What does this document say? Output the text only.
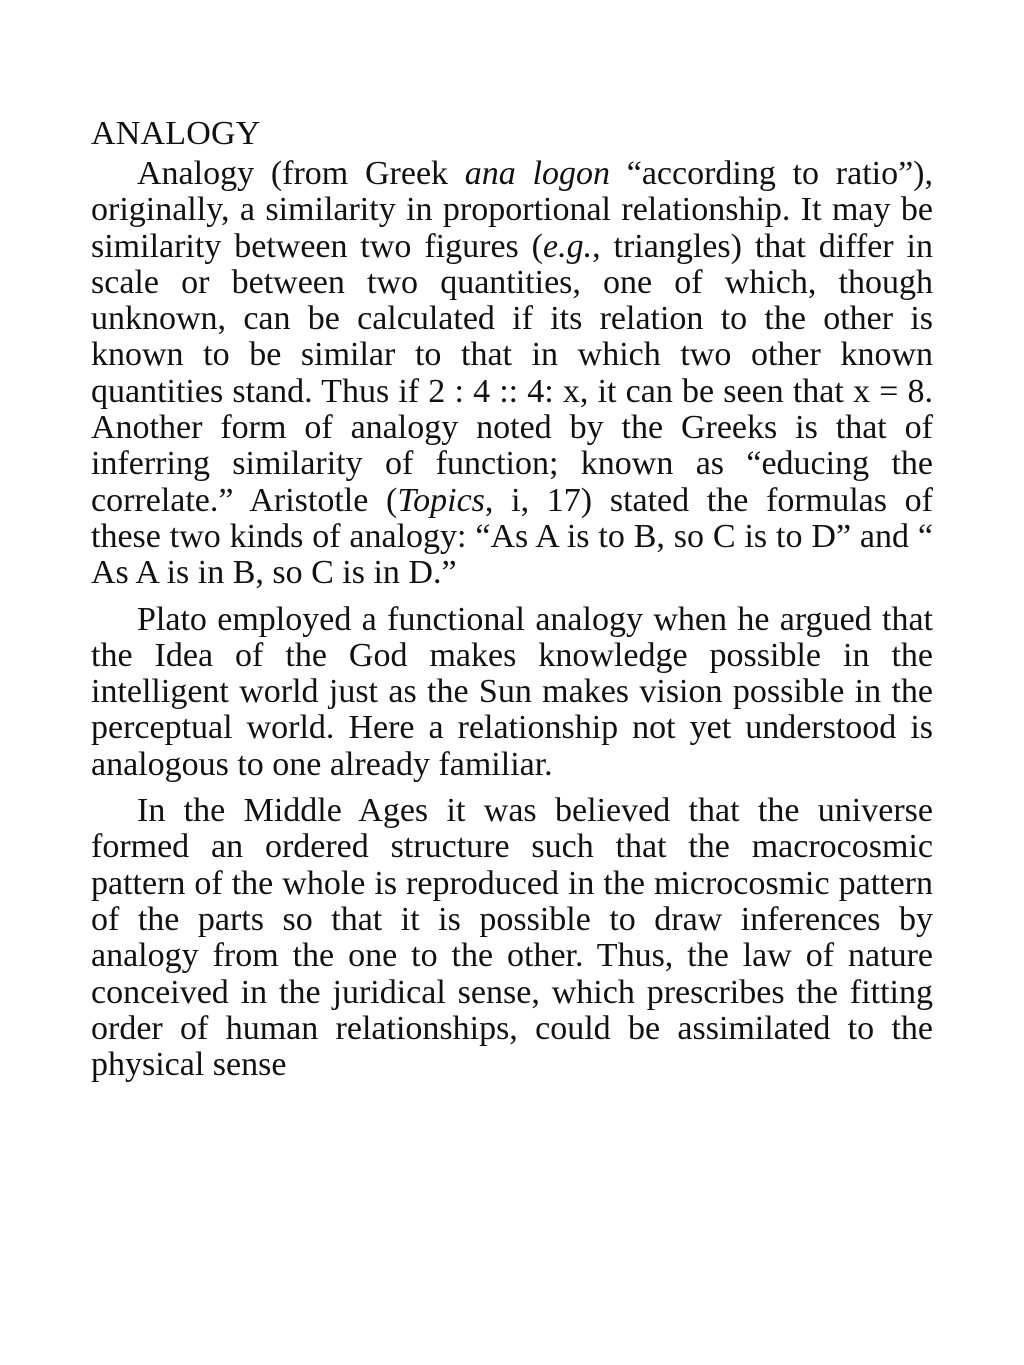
ANALOGY

Analogy (from Greek ana logon “according to ratio”), originally, a similarity in proportional relationship. It may be similarity between two figures (e.g., triangles) that differ in scale or between two quantities, one of which, though unknown, can be calculated if its relation to the other is known to be similar to that in which two other known quantities stand. Thus if 2 : 4 :: 4: x, it can be seen that x = 8. Another form of analogy noted by the Greeks is that of inferring similarity of function; known as “educing the correlate.” Aristotle (Topics, i, 17) stated the formulas of these two kinds of analogy: “As A is to B, so C is to D” and “ As A is in B, so C is in D.”

Plato employed a functional analogy when he argued that the Idea of the God makes knowledge possible in the intelligent world just as the Sun makes vision possible in the perceptual world. Here a relationship not yet understood is analogous to one already familiar.

In the Middle Ages it was believed that the universe formed an ordered structure such that the macrocosmic pattern of the whole is reproduced in the microcosmic pattern of the parts so that it is possible to draw inferences by analogy from the one to the other. Thus, the law of nature conceived in the juridical sense, which prescribes the fitting order of human relationships, could be assimilated to the physical sense
